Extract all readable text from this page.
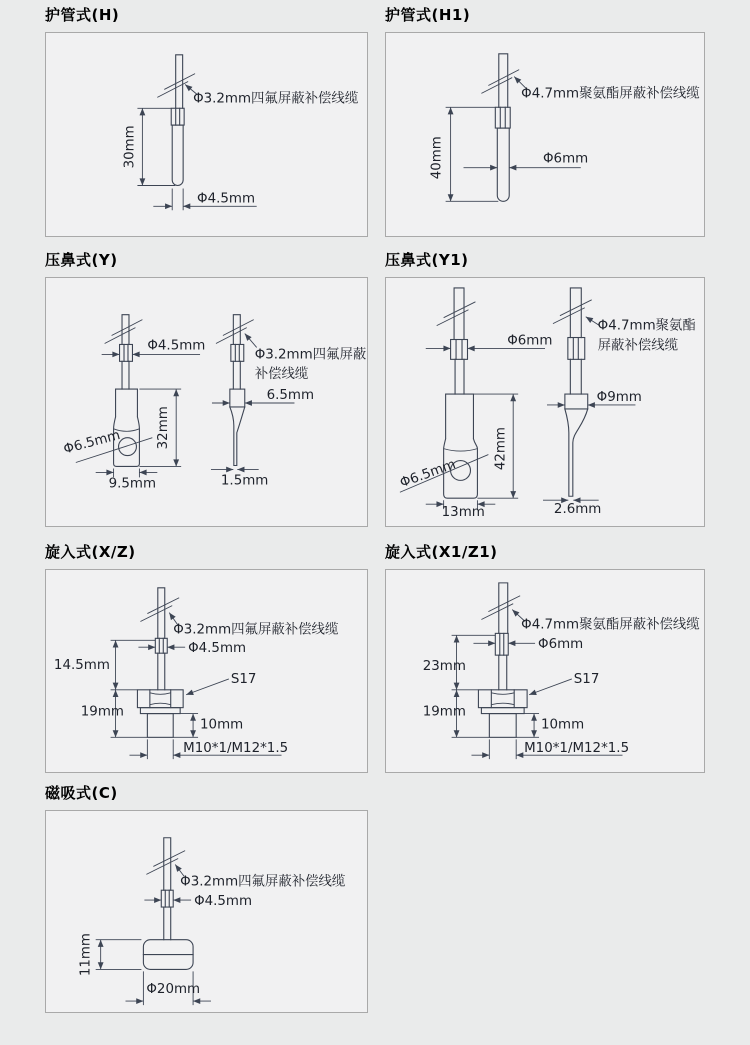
护管式(H)
Φ3.2mm四氟屏蔽补偿线缆
30mm
Φ4.5mm
护管式(H1)
Φ4.7mm聚氨酯屏蔽补偿线缆
40mm	Φ6mm
压鼻式(Y)
Φ4.5mm
32mm
Φ6.5mm
9.5mm
Φ3.2mm四氟屏蔽
补偿线缆
6.5mm
1.5mm
压鼻式(Y1)
Φ6mm
42mm
Φ6.5mm
13mm
Φ4.7mm聚氨酯
屏蔽补偿线缆
Φ9mm
2.6mm
旋入式(X/Z)
Φ3.2mm四氟屏蔽补偿线缆
Φ4.5mm
14.5mm
S17
19mm
10mm
M10*1/M12*1.5
旋入式(X1/Z1)
Φ4.7mm聚氨酯屏蔽补偿线缆
Φ6mm
23mm
S17
19mm
10mm
M10*1/M12*1.5
磁吸式(C)
Φ3.2mm四氟屏蔽补偿线缆
Φ4.5mm
11mm
Φ20mm
